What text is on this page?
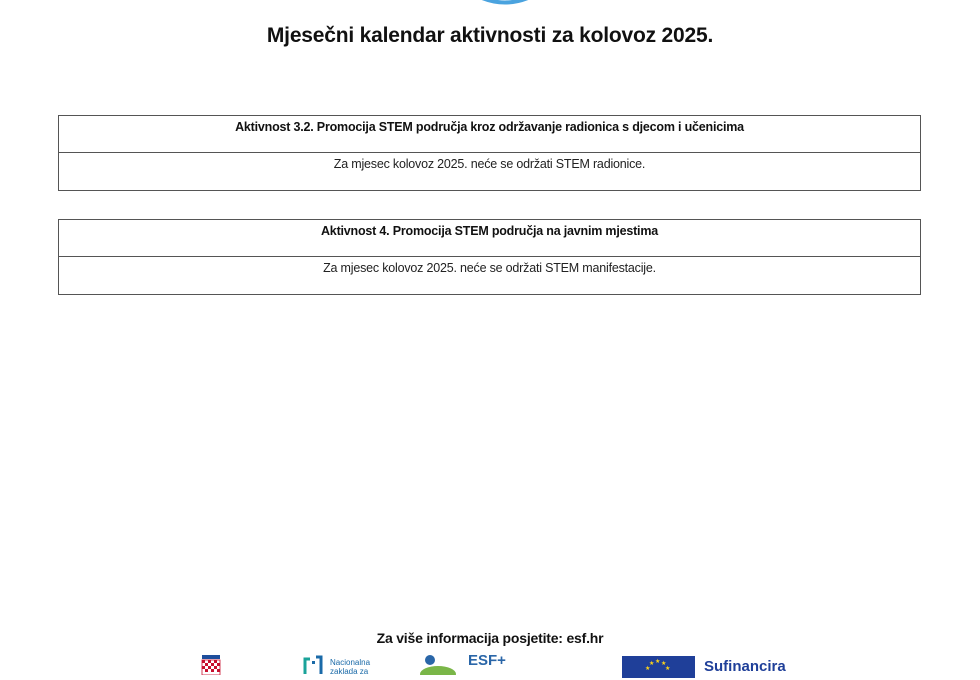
Mjesečni kalendar aktivnosti za kolovoz 2025.
Aktivnost 3.2. Promocija STEM područja kroz održavanje radionica s djecom i učenicima
Za mjesec kolovoz 2025. neće se održati STEM radionice.
Aktivnost 4. Promocija STEM područja na javnim mjestima
Za mjesec kolovoz 2025. neće se održati STEM manifestacije.
Za više informacija posjetite: esf.hr
Nacionalna
zaklada za
ESF+	★ ★ ★
★ ★ Sufinancira
